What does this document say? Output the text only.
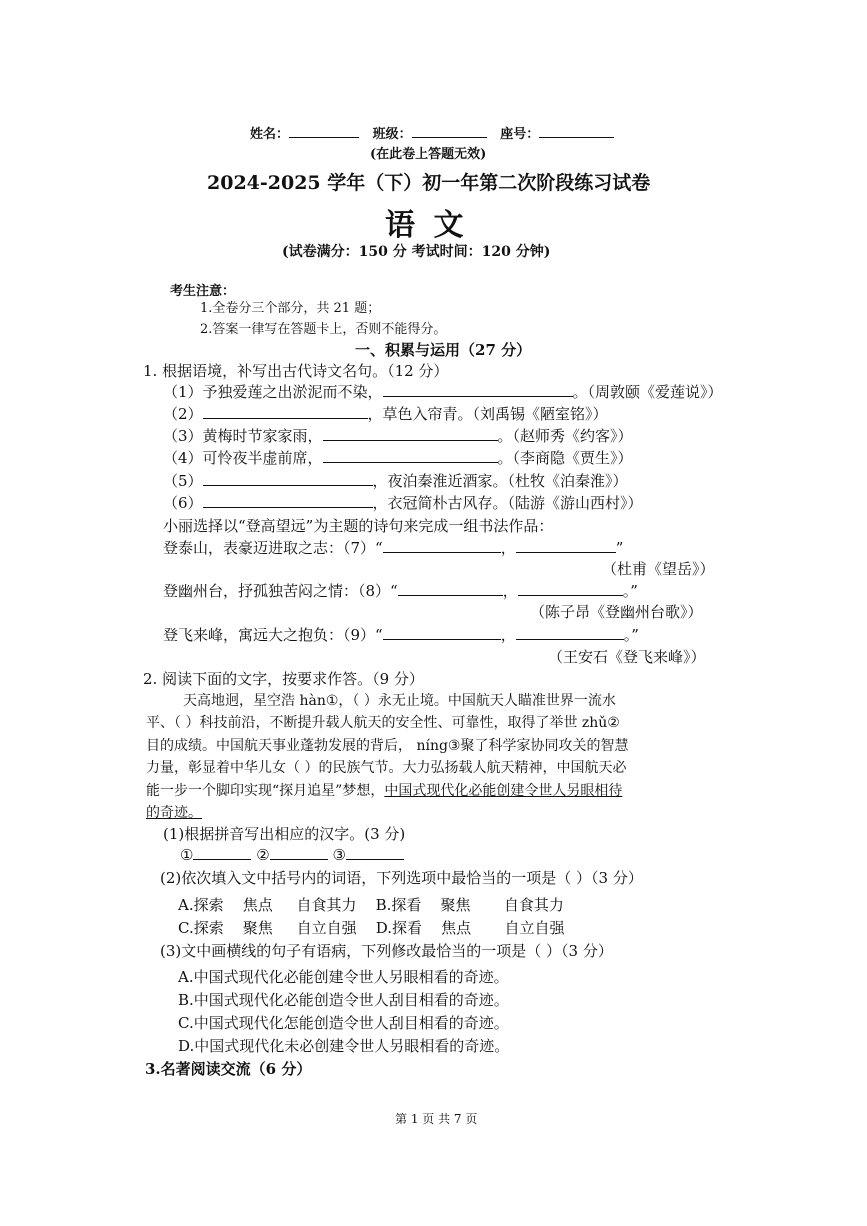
姓名：	班级：	座号：
(在此卷上答题无效)
2024-2025 学年（下）初一年第二次阶段练习试卷
语 文
(试卷满分：150 分 考试时间：120 分钟)
考生注意：
1.全卷分三个部分，共 21 题；
2.答案一律写在答题卡上，否则不能得分。
一、积累与运用（27 分）
1. 根据语境，补写出古代诗文名句。（12 分）
（1）予独爱莲之出淤泥而不染，	。（周敦颐《爱莲说》）
（2）	，草色入帘青。（刘禹锡《陋室铭》）
（3）黄梅时节家家雨，	。（赵师秀《约客》）
（4）可怜夜半虚前席，	。（李商隐《贾生》）
（5）	，夜泊秦淮近酒家。（杜牧《泊秦淮》）
（6）	，衣冠简朴古风存。（陆游《游山西村》）
小丽选择以“登高望远”为主题的诗句来完成一组书法作品：
登泰山，表豪迈进取之志：（7）“	，	”
（杜甫《望岳》）
登幽州台，抒孤独苦闷之情：（8）“	，	。”
（陈子昂《登幽州台歌》）
登飞来峰，寓远大之抱负：（9）“	，	。”
（王安石《登飞来峰》）
2. 阅读下面的文字，按要求作答。（9 分）
天高地迥，星空浩 hàn①，（ ）永无止境。中国航天人瞄准世界一流水
平、（ ）科技前沿，不断提升载人航天的安全性、可靠性，取得了举世 zhǔ②
目的成绩。中国航天事业蓬勃发展的背后， níng③聚了科学家协同攻关的智慧
力量，彰显着中华儿女（ ）的民族气节。大力弘扬载人航天精神，中国航天必
能一步一个脚印实现“探月追星”梦想，中国式现代化必能创建令世人另眼相待
的奇迹。
(1)根据拼音写出相应的汉字。(3 分)
①	②	③
(2)依次填入文中括号内的词语，下列选项中最恰当的一项是（ ）（3 分）
A.探索 焦点 自食其力 B.探看 聚焦 自食其力
C.探索 聚焦 自立自强 D.探看 焦点 自立自强
(3)文中画横线的句子有语病，下列修改最恰当的一项是（ ）（3 分）
A.中国式现代化必能创建令世人另眼相看的奇迹。
B.中国式现代化必能创造令世人刮目相看的奇迹。
C.中国式现代化怎能创造令世人刮目相看的奇迹。
D.中国式现代化未必创建令世人另眼相看的奇迹。
3.名著阅读交流（6 分）
第 1 页 共 7 页
